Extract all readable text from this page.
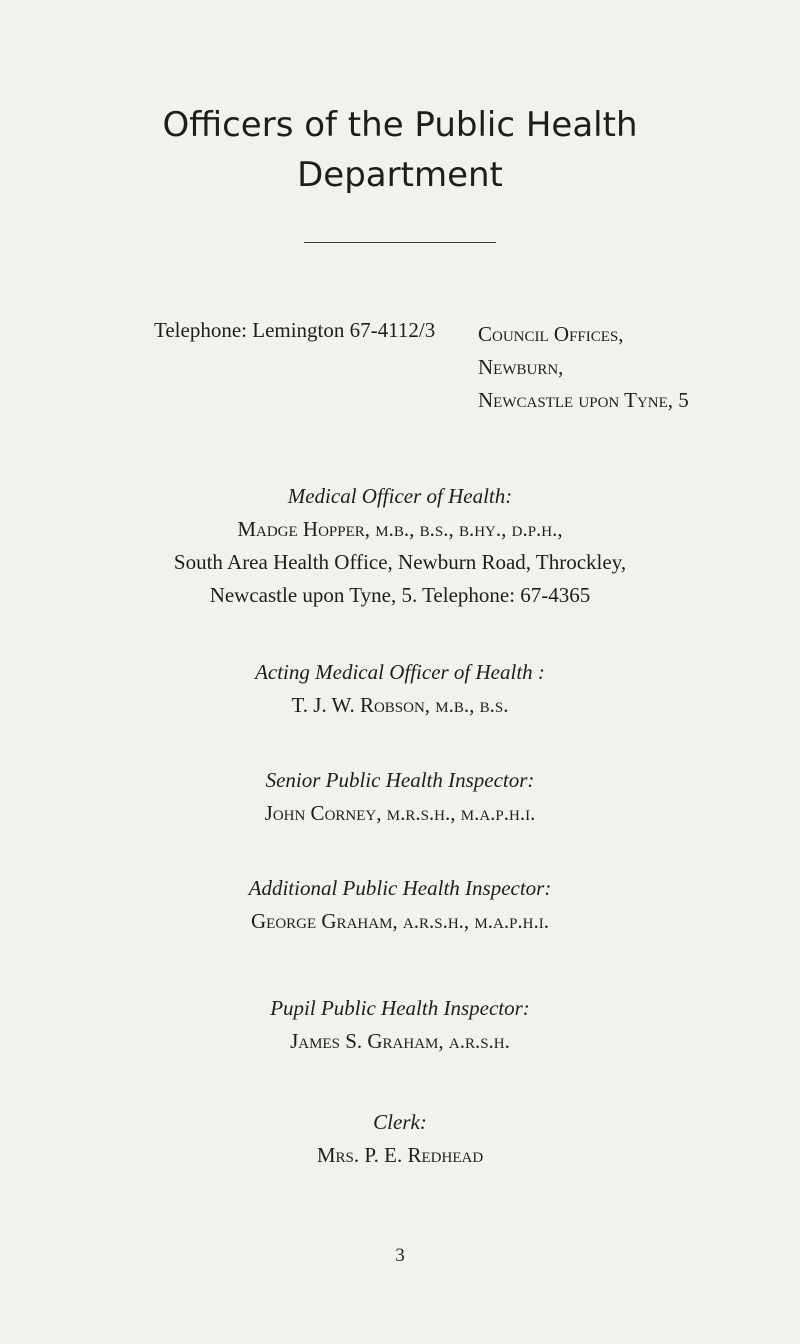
Officers of the Public Health
Department
Telephone: Lemington 67-4112/3 Council Offices,
Newburn,
Newcastle upon Tyne, 5
Medical Officer of Health:
Madge Hopper, m.b., b.s., b.hy., d.p.h.,
South Area Health Office, Newburn Road, Throckley,
Newcastle upon Tyne, 5. Telephone: 67-4365
Acting Medical Officer of Health :
T. J. W. Robson, m.b., b.s.
Senior Public Health Inspector:
John Corney, m.r.s.h., m.a.p.h.i.
Additional Public Health Inspector:
George Graham, a.r.s.h., m.a.p.h.i.
Pupil Public Health Inspector:
James S. Graham, a.r.s.h.
Clerk:
Mrs. P. E. Redhead
3
